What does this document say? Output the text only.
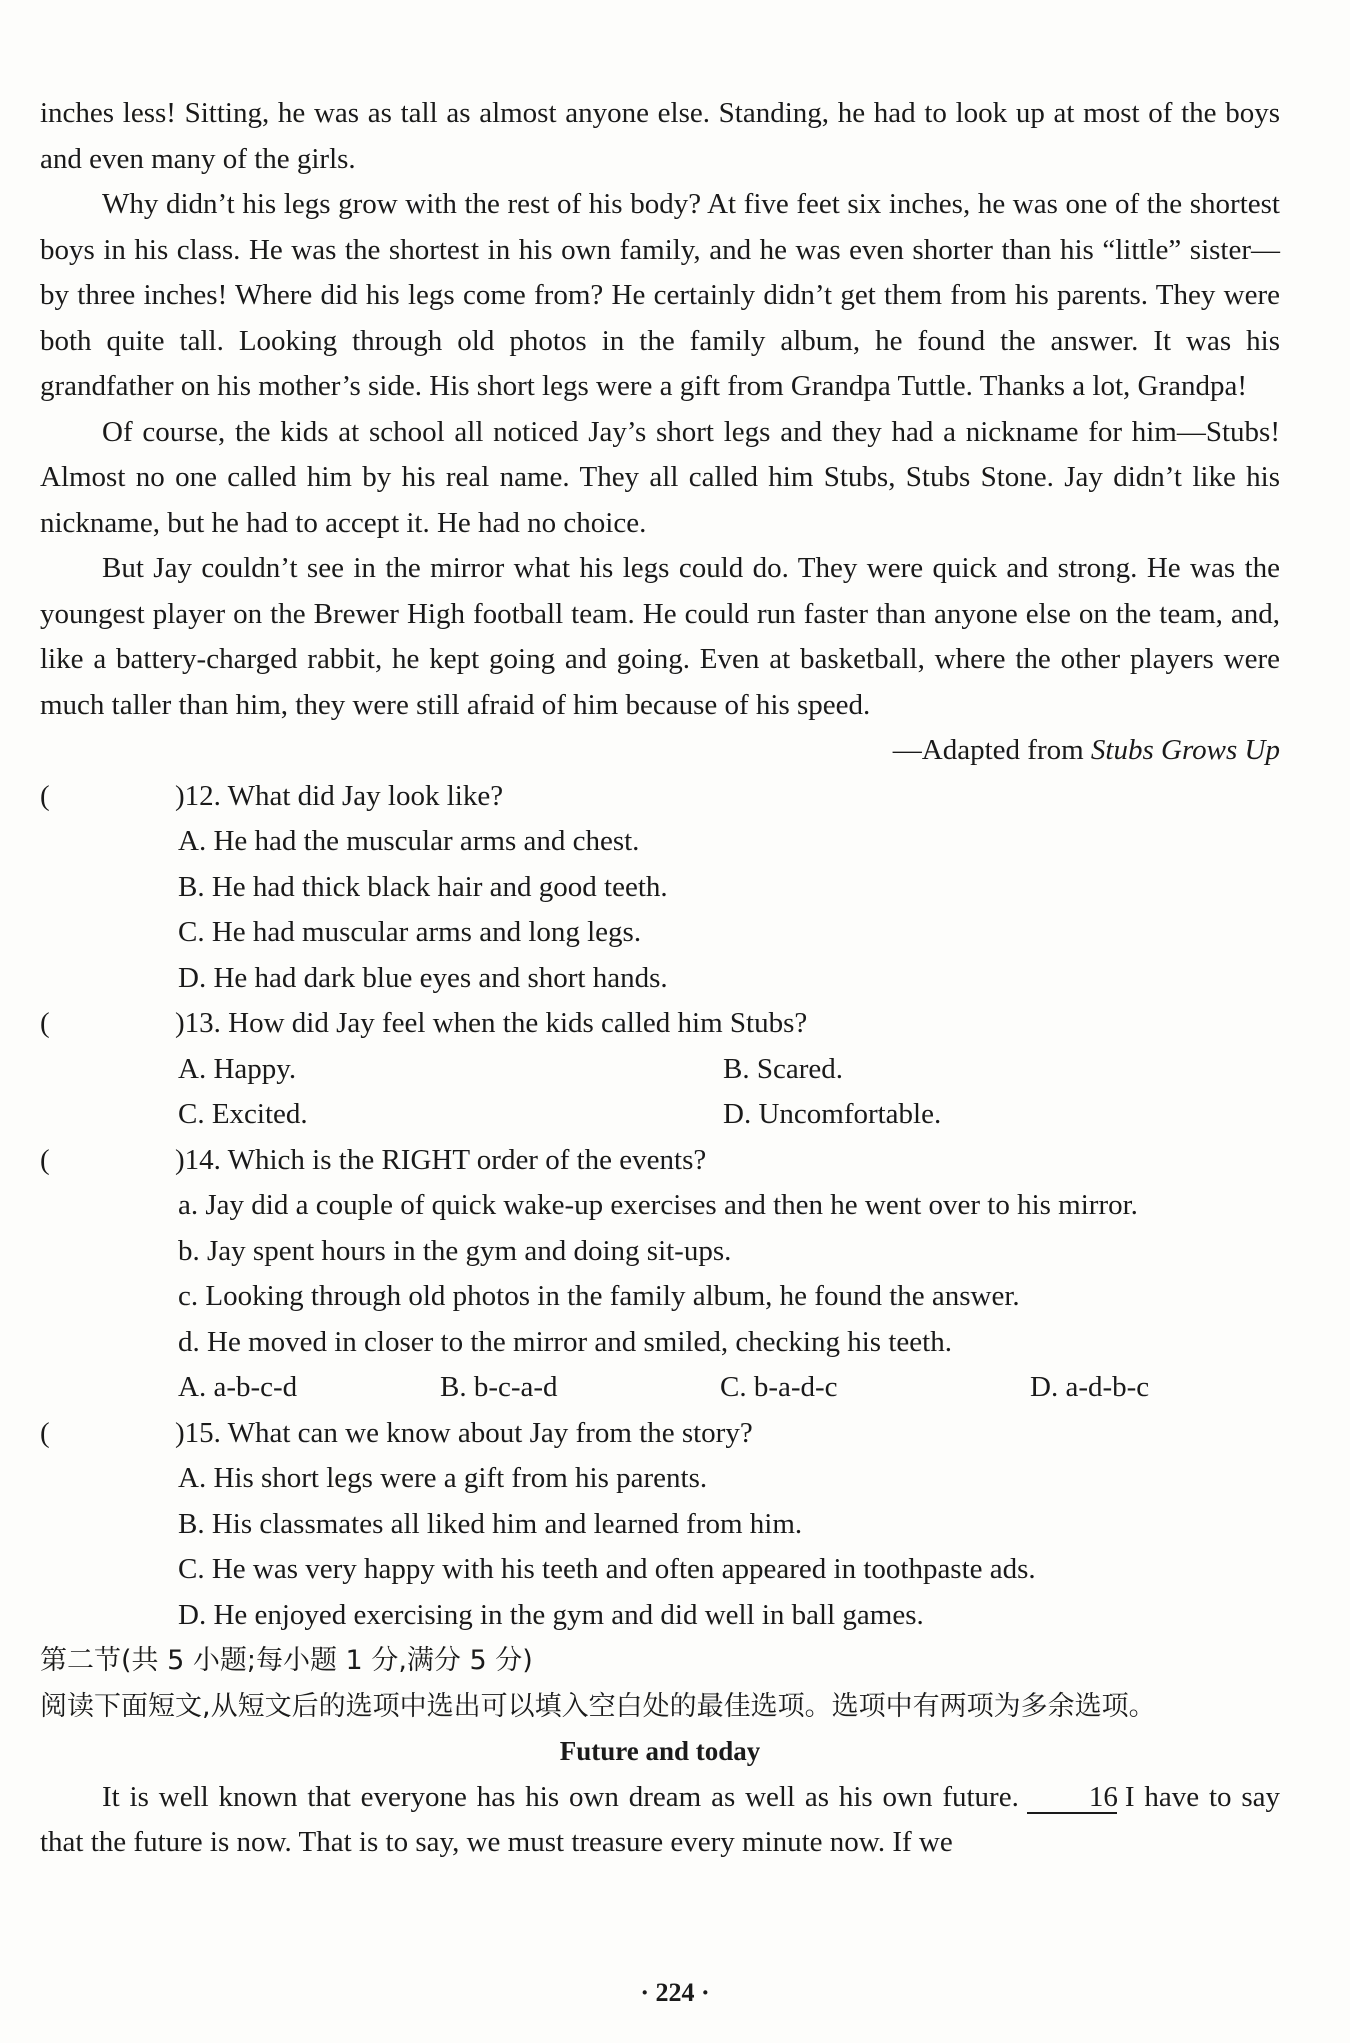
inches less! Sitting, he was as tall as almost anyone else. Standing, he had to look up at most of the boys and even many of the girls.

Why didn’t his legs grow with the rest of his body? At five feet six inches, he was one of the shortest boys in his class. He was the shortest in his own family, and he was even shorter than his “little” sister—by three inches! Where did his legs come from? He certainly didn’t get them from his parents. They were both quite tall. Looking through old photos in the family album, he found the answer. It was his grandfather on his mother’s side. His short legs were a gift from Grandpa Tuttle. Thanks a lot, Grandpa!

Of course, the kids at school all noticed Jay’s short legs and they had a nickname for him—Stubs! Almost no one called him by his real name. They all called him Stubs, Stubs Stone. Jay didn’t like his nickname, but he had to accept it. He had no choice.

But Jay couldn’t see in the mirror what his legs could do. They were quick and strong. He was the youngest player on the Brewer High football team. He could run faster than anyone else on the team, and, like a battery-charged rabbit, he kept going and going. Even at basketball, where the other players were much taller than him, they were still afraid of him because of his speed.

—Adapted from Stubs Grows Up

(	)12. What did Jay look like?
A. He had the muscular arms and chest.
B. He had thick black hair and good teeth.
C. He had muscular arms and long legs.
D. He had dark blue eyes and short hands.
(	)13. How did Jay feel when the kids called him Stubs?
A. Happy.	B. Scared.
C. Excited.	D. Uncomfortable.
(	)14. Which is the RIGHT order of the events?
a. Jay did a couple of quick wake-up exercises and then he went over to his mirror.
b. Jay spent hours in the gym and doing sit-ups.
c. Looking through old photos in the family album, he found the answer.
d. He moved in closer to the mirror and smiled, checking his teeth.
A. a-b-c-d	B. b-c-a-d	C. b-a-d-c	D. a-d-b-c
(	)15. What can we know about Jay from the story?
A. His short legs were a gift from his parents.
B. His classmates all liked him and learned from him.
C. He was very happy with his teeth and often appeared in toothpaste ads.
D. He enjoyed exercising in the gym and did well in ball games.
第二节(共 5 小题;每小题 1 分,满分 5 分)
阅读下面短文,从短文后的选项中选出可以填入空白处的最佳选项。选项中有两项为多余选项。
Future and today

It is well known that everyone has his own dream as well as his own future. 16 I have to say that the future is now. That is to say, we must treasure every minute now. If we

· 224 ·
